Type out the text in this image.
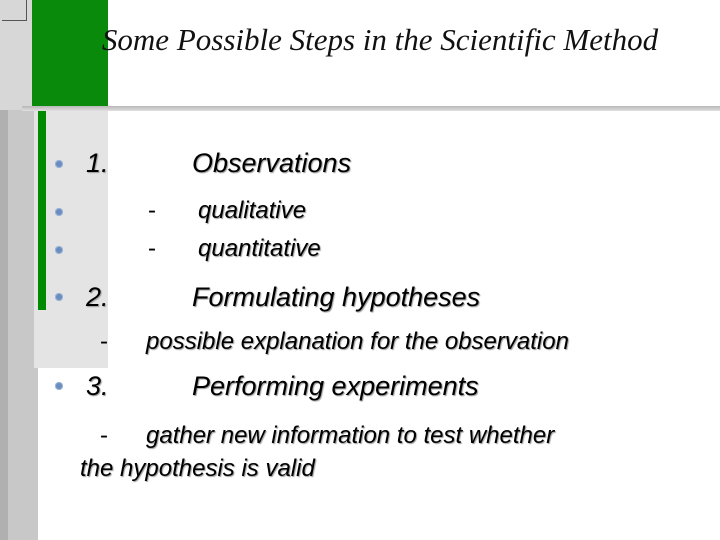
Some Possible Steps in the Scientific Method
1.	Observations
- qualitative
- quantitative
2.	Formulating hypotheses
- possible explanation for the observation
3.	Performing experiments
- gather new information to test whether
the hypothesis is valid
